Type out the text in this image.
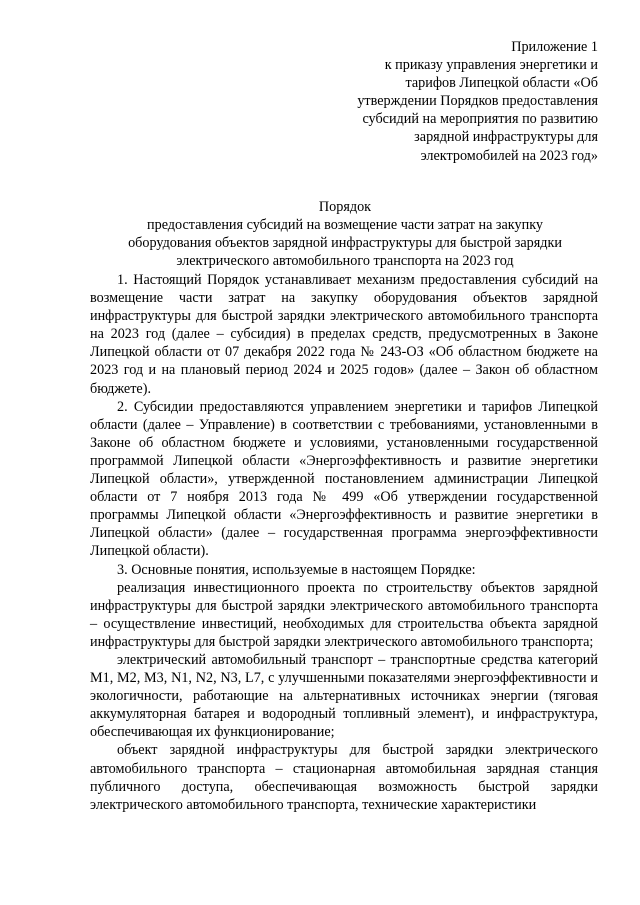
Приложение 1
к приказу управления энергетики и
тарифов Липецкой области «Об
утверждении Порядков предоставления
субсидий на мероприятия по развитию
зарядной инфраструктуры для
электромобилей на 2023 год»
Порядок
предоставления субсидий на возмещение части затрат на закупку
оборудования объектов зарядной инфраструктуры для быстрой зарядки
электрического автомобильного транспорта на 2023 год

1. Настоящий Порядок устанавливает механизм предоставления субсидий на возмещение части затрат на закупку оборудования объектов зарядной инфраструктуры для быстрой зарядки электрического автомобильного транспорта на 2023 год (далее – субсидия) в пределах средств, предусмотренных в Законе Липецкой области от 07 декабря 2022 года № 243-ОЗ «Об областном бюджете на 2023 год и на плановый период 2024 и 2025 годов» (далее – Закон об областном бюджете).

2. Субсидии предоставляются управлением энергетики и тарифов Липецкой области (далее – Управление) в соответствии с требованиями, установленными в Законе об областном бюджете и условиями, установленными государственной программой Липецкой области «Энергоэффективность и развитие энергетики Липецкой области», утвержденной постановлением администрации Липецкой области от 7 ноября 2013 года № 499 «Об утверждении государственной программы Липецкой области «Энергоэффективность и развитие энергетики в Липецкой области» (далее – государственная программа энергоэффективности Липецкой области).

3. Основные понятия, используемые в настоящем Порядке:

реализация инвестиционного проекта по строительству объектов зарядной инфраструктуры для быстрой зарядки электрического автомобильного транспорта – осуществление инвестиций, необходимых для строительства объекта зарядной инфраструктуры для быстрой зарядки электрического автомобильного транспорта;

электрический автомобильный транспорт – транспортные средства категорий M1, M2, M3, N1, N2, N3, L7, с улучшенными показателями энергоэффективности и экологичности, работающие на альтернативных источниках энергии (тяговая аккумуляторная батарея и водородный топливный элемент), и инфраструктура, обеспечивающая их функционирование;

объект зарядной инфраструктуры для быстрой зарядки электрического автомобильного транспорта – стационарная автомобильная зарядная станция публичного доступа, обеспечивающая возможность быстрой зарядки электрического автомобильного транспорта, технические характеристики
